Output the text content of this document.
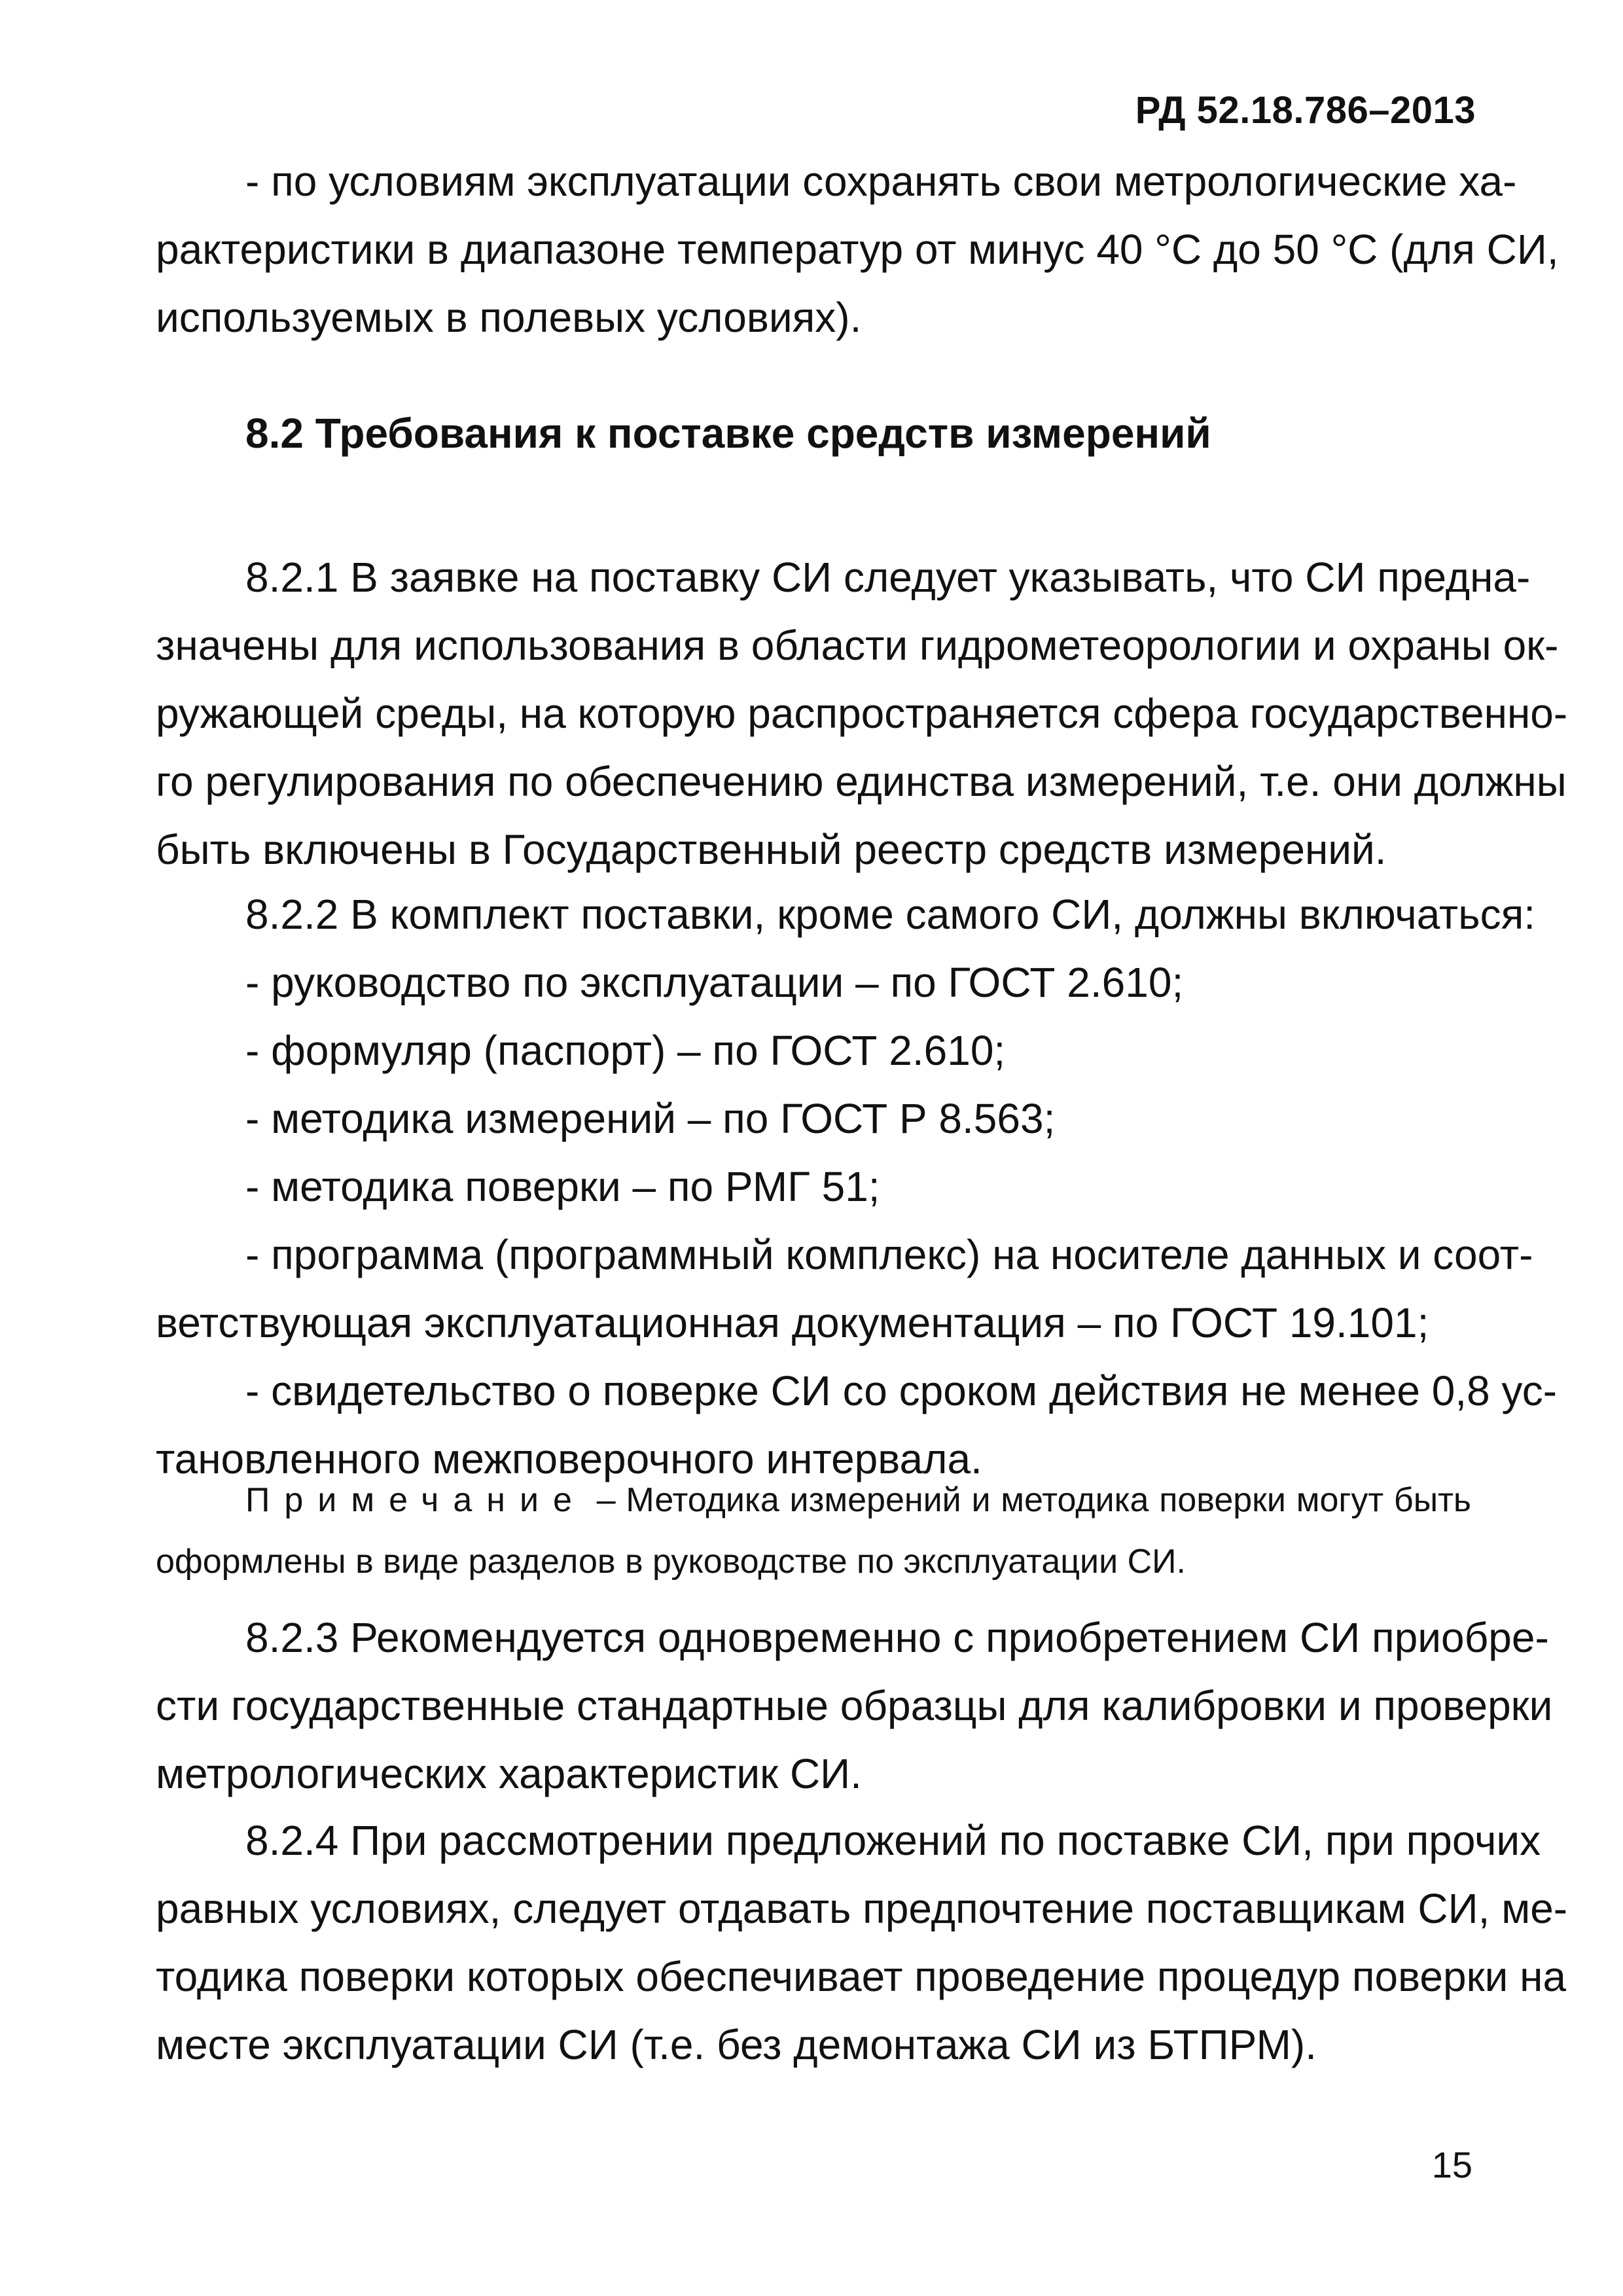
РД 52.18.786–2013
- по условиям эксплуатации сохранять свои метрологические ха-
рактеристики в диапазоне температур от минус 40 °С до 50 °С (для СИ,
используемых в полевых условиях).
8.2 Требования к поставке средств измерений
8.2.1 В заявке на поставку СИ следует указывать, что СИ предна-
значены для использования в области гидрометеорологии и охраны ок-
ружающей среды, на которую распространяется сфера государственно-
го регулирования по обеспечению единства измерений, т.е. они должны
быть включены в Государственный реестр средств измерений.
8.2.2 В комплект поставки, кроме самого СИ, должны включаться:
- руководство по эксплуатации – по ГОСТ 2.610;
- формуляр (паспорт) – по ГОСТ 2.610;
- методика измерений – по ГОСТ Р 8.563;
- методика поверки – по РМГ 51;
- программа (программный комплекс) на носителе данных и соот-
ветствующая эксплуатационная документация – по ГОСТ 19.101;
- свидетельство о поверке СИ со сроком действия не менее 0,8 ус-
тановленного межповерочного интервала.
Примечание – Методика измерений и методика поверки могут быть
оформлены в виде разделов в руководстве по эксплуатации СИ.
8.2.3 Рекомендуется одновременно с приобретением СИ приобре-
сти государственные стандартные образцы для калибровки и проверки
метрологических характеристик СИ.
8.2.4 При рассмотрении предложений по поставке СИ, при прочих
равных условиях, следует отдавать предпочтение поставщикам СИ, ме-
тодика поверки которых обеспечивает проведение процедур поверки на
месте эксплуатации СИ (т.е. без демонтажа СИ из БТПРМ).
15
